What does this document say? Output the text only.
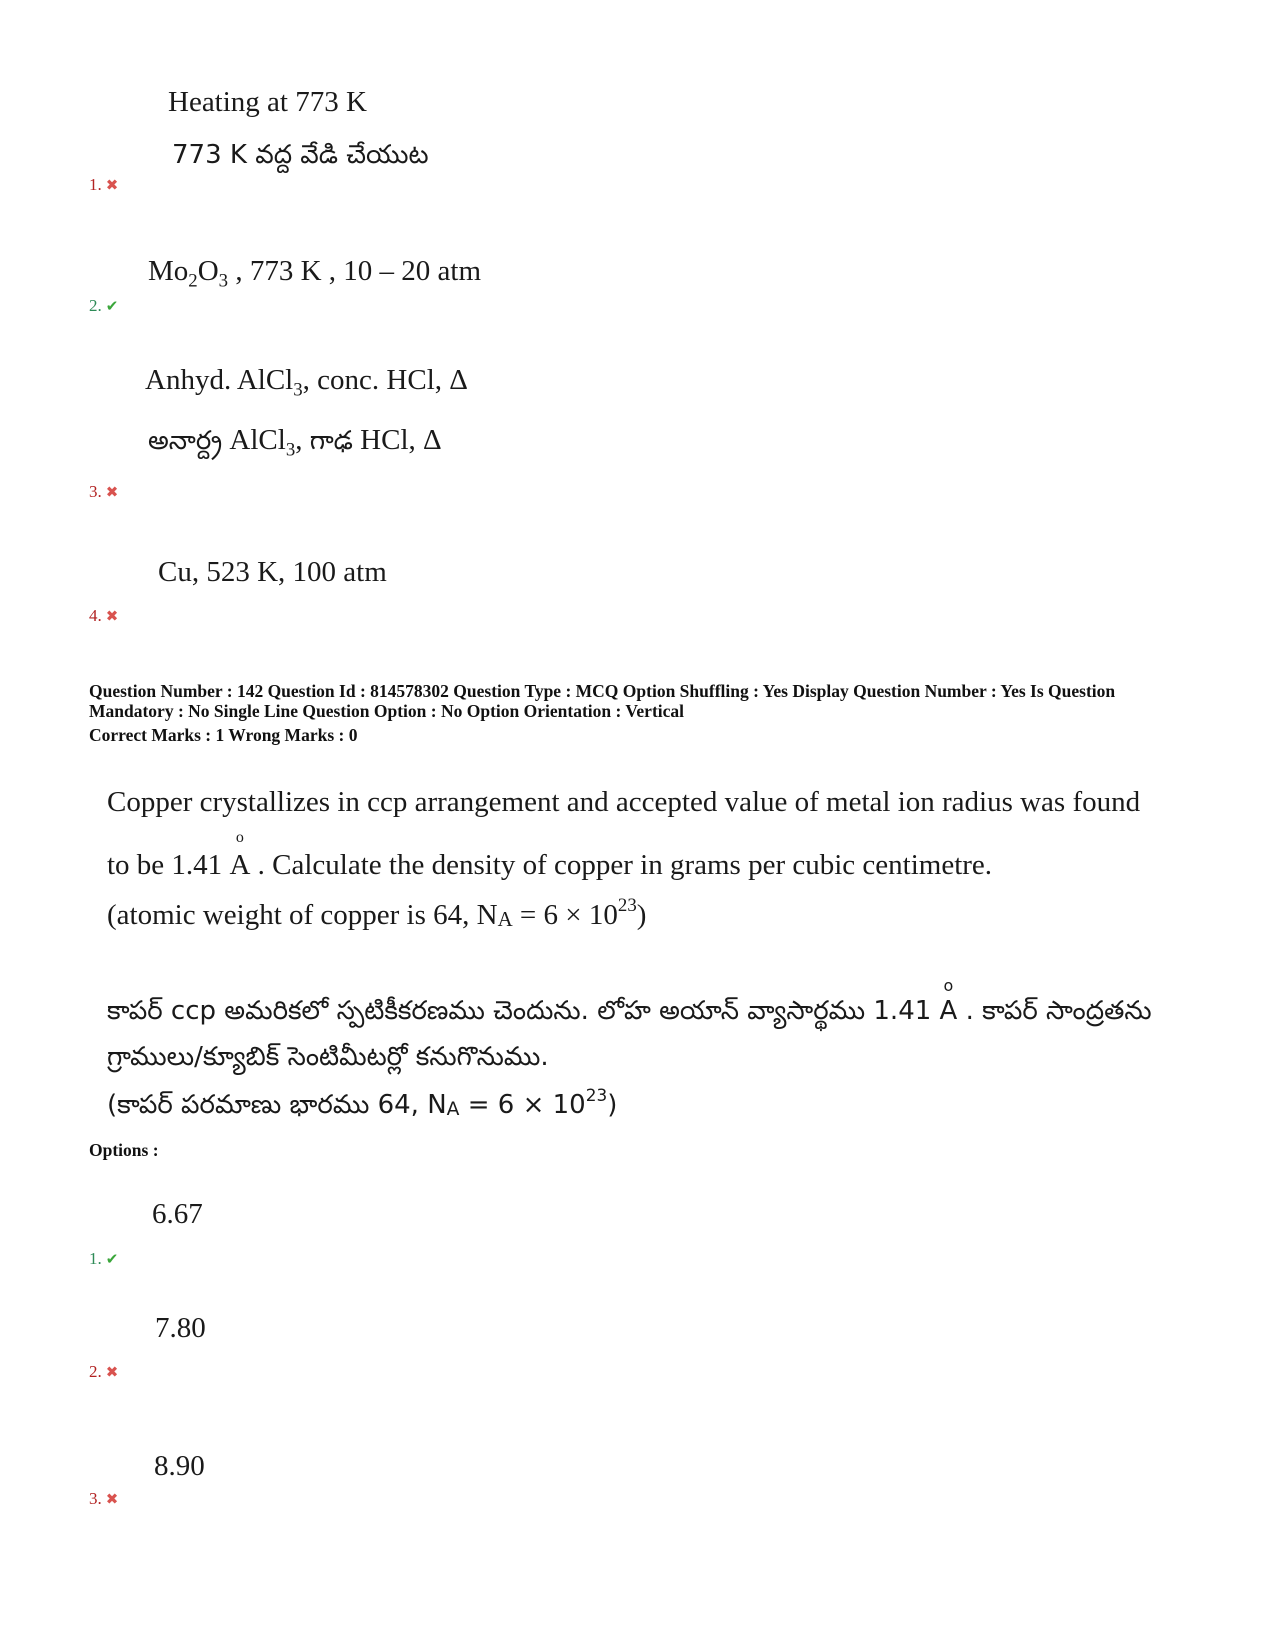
Heating at 773 K
773 K వద్ద వేడి చేయుట
1. ✖
$Mo_2O_3$ , 773 K , 10 – 20 atm
2. ✔
Anhyd. AlCl$_3$, conc. HCl, Δ
అనార్ద్ర AlCl$_3$, గాఢ HCl, Δ
3. ✖
Cu, 523 K, 100 atm
4. ✖
Question Number : 142 Question Id : 814578302 Question Type : MCQ Option Shuffling : Yes Display Question Number : Yes Is Question
Mandatory : No Single Line Question Option : No Option Orientation : Vertical
Correct Marks : 1 Wrong Marks : 0
Copper crystallizes in ccp arrangement and accepted value of metal ion radius was found
to be 1.41
o
A . Calculate the density of copper in grams per cubic centimetre.
(atomic weight of copper is 64, NA = $6 \times 10^{23}$)
కాపర్ ccp అమరికలో స్పటికీకరణము చెందును. లోహ అయాన్ వ్యాసార్థము 1.41
o
A . కాపర్ సాంద్రతను
గ్రాములు/క్యూబిక్ సెంటిమీటర్లో కనుగొనుము.
(కాపర్ పరమాణు భారము 64, NA = $6 \times 10^{23}$)
Options :
6.67
1. ✔
7.80
2. ✖
8.90
3. ✖
